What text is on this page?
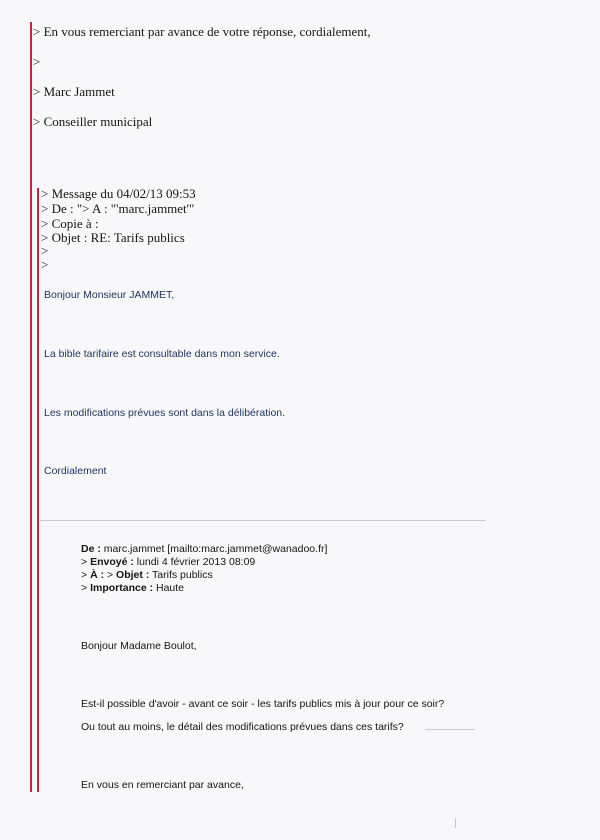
> En vous remerciant par avance de votre réponse, cordialement,
>
> Marc Jammet
> Conseiller municipal
> Message du 04/02/13 09:53
> De : "> A : "'marc.jammet'"
> Copie à :
> Objet : RE: Tarifs publics
>
>
Bonjour Monsieur JAMMET,
La bible tarifaire est consultable dans mon service.
Les modifications prévues sont dans la délibération.
Cordialement
De : marc.jammet [mailto:marc.jammet@wanadoo.fr]
> Envoyé : lundi 4 février 2013 08:09
> À : > Objet : Tarifs publics
> Importance : Haute
Bonjour Madame Boulot,
Est-il possible d'avoir - avant ce soir - les tarifs publics mis à jour pour ce soir?
Ou tout au moins, le détail des modifications prévues dans ces tarifs?
En vous en remerciant par avance,
